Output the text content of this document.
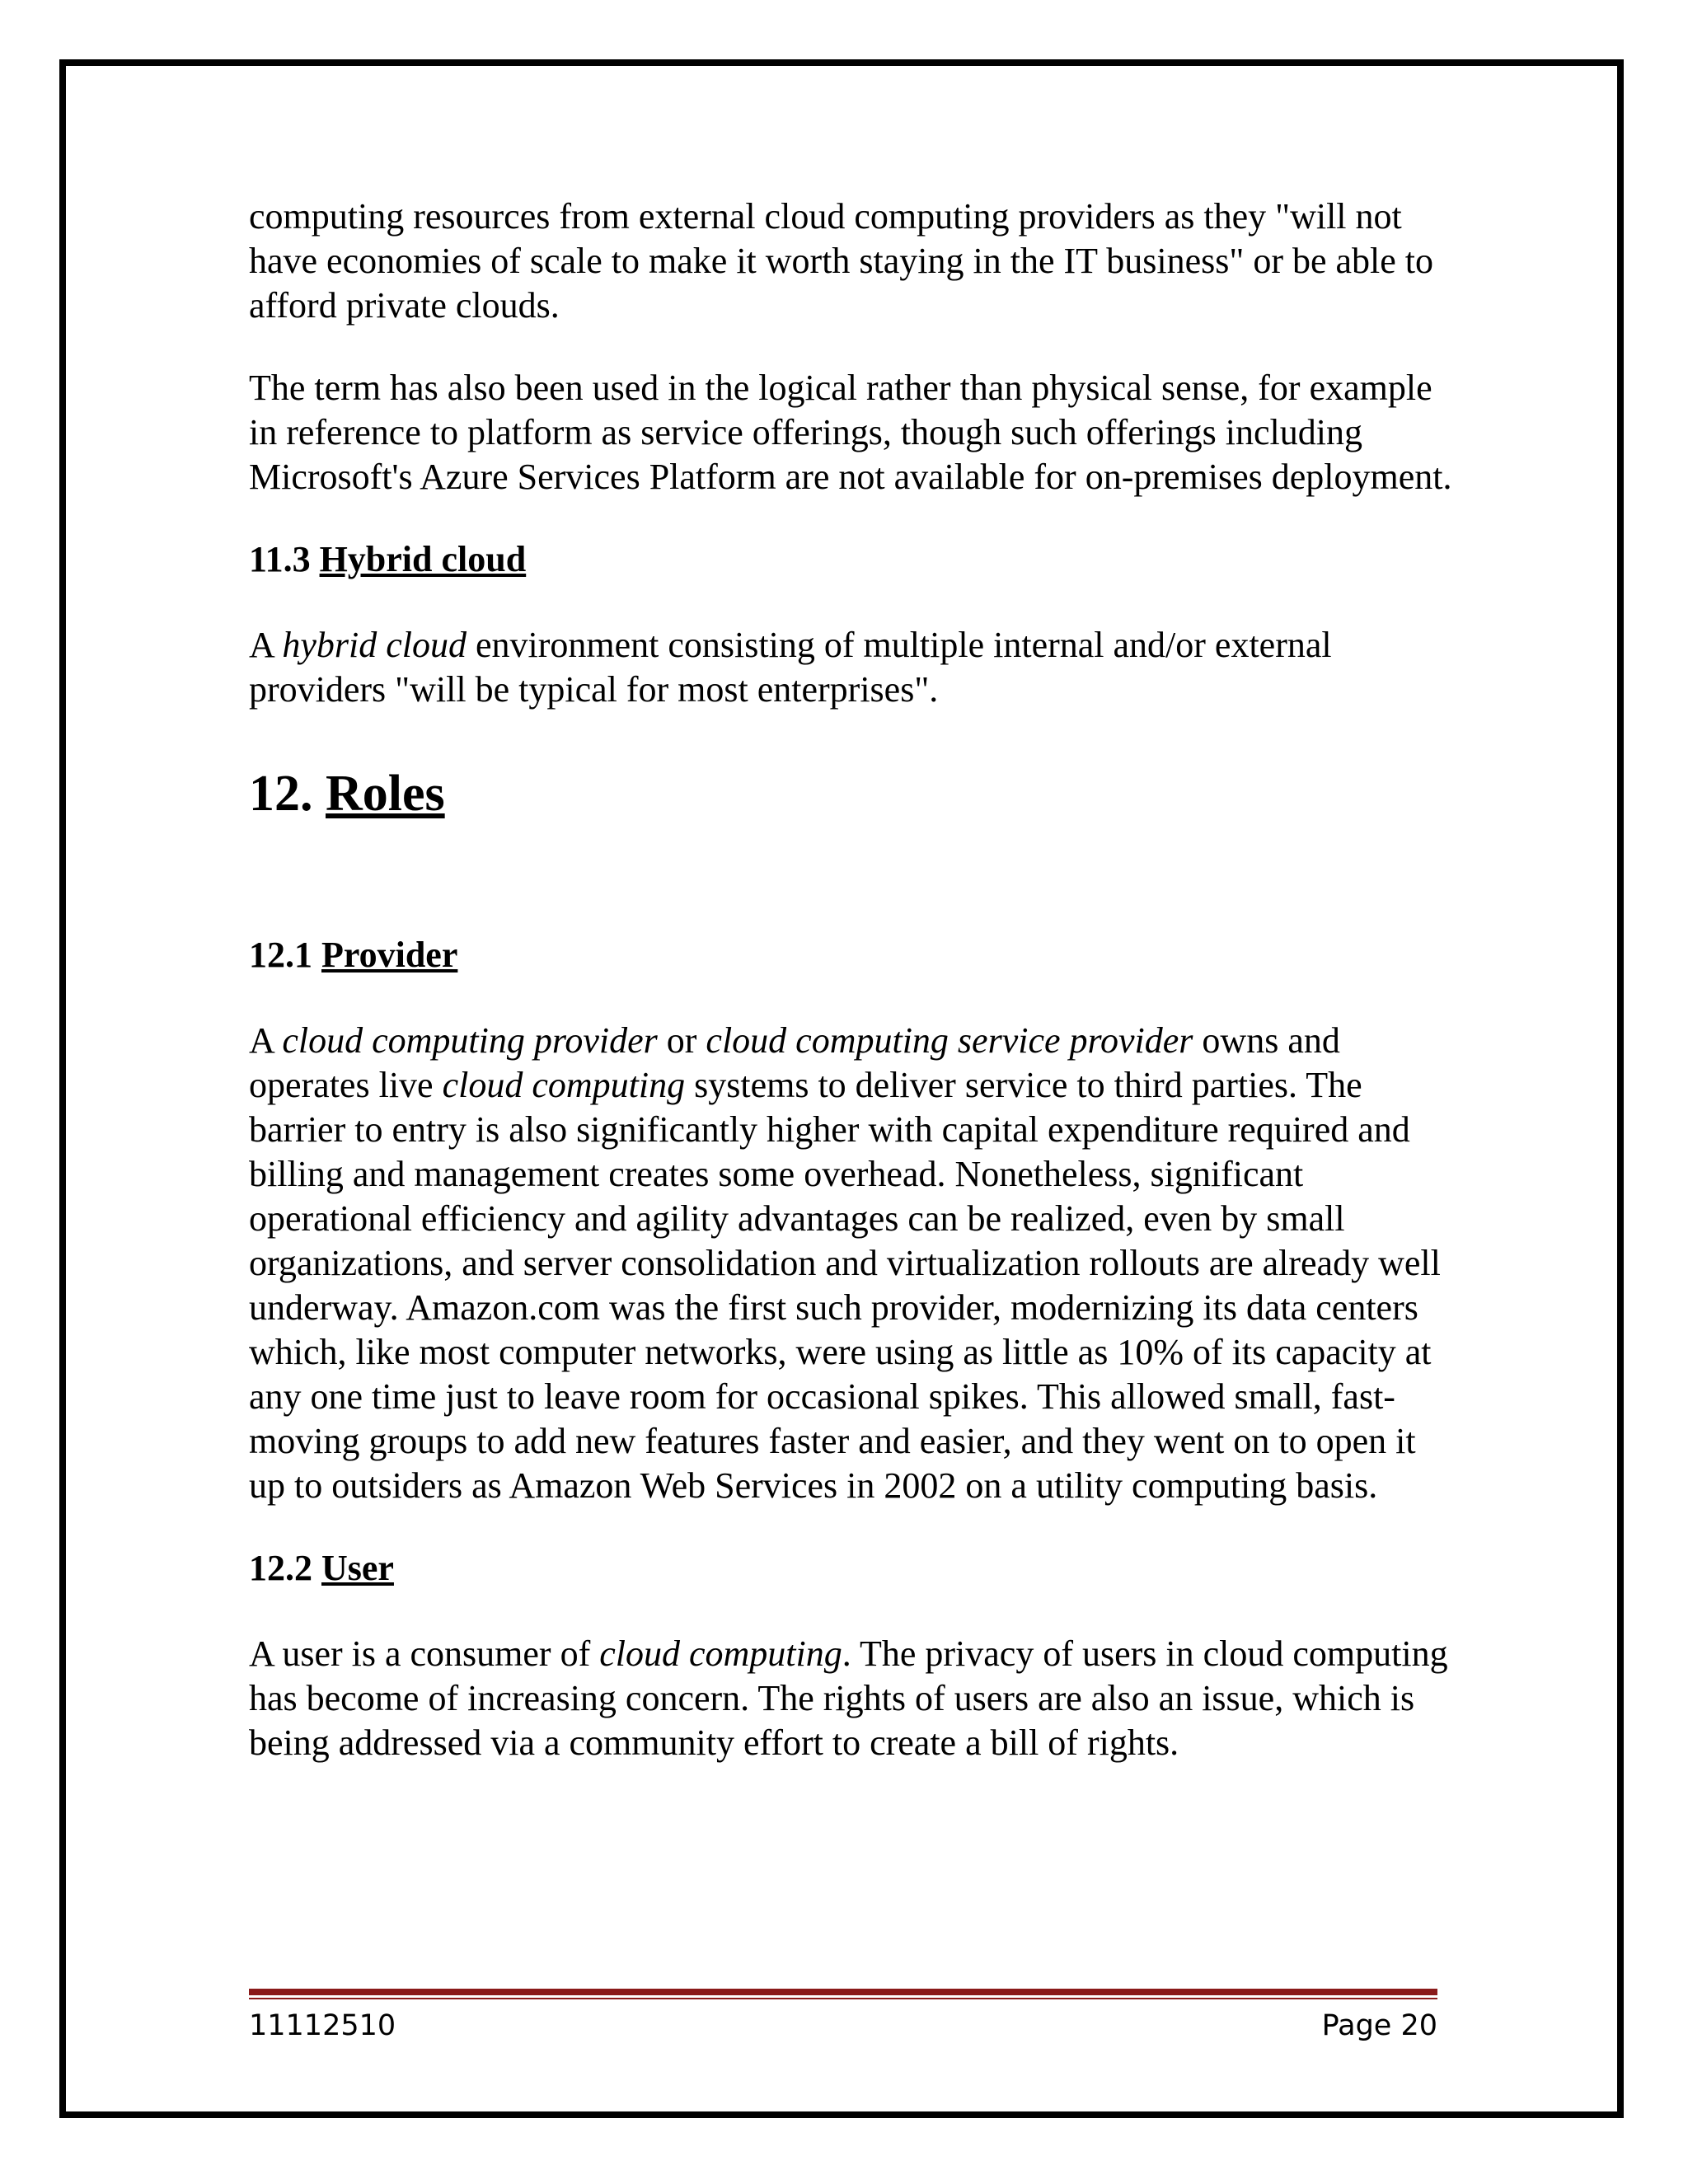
computing resources from external cloud computing providers as they "will not have economies of scale to make it worth staying in the IT business" or be able to afford private clouds.

The term has also been used in the logical rather than physical sense, for example in reference to platform as service offerings, though such offerings including Microsoft's Azure Services Platform are not available for on-premises deployment.

11.3 Hybrid cloud

A hybrid cloud environment consisting of multiple internal and/or external providers "will be typical for most enterprises".

12. Roles
12.1 Provider

A cloud computing provider or cloud computing service provider owns and operates live cloud computing systems to deliver service to third parties. The barrier to entry is also significantly higher with capital expenditure required and billing and management creates some overhead. Nonetheless, significant operational efficiency and agility advantages can be realized, even by small organizations, and server consolidation and virtualization rollouts are already well underway. Amazon.com was the first such provider, modernizing its data centers which, like most computer networks, were using as little as 10% of its capacity at any one time just to leave room for occasional spikes. This allowed small, fast-moving groups to add new features faster and easier, and they went on to open it up to outsiders as Amazon Web Services in 2002 on a utility computing basis.

12.2 User

A user is a consumer of cloud computing. The privacy of users in cloud computing has become of increasing concern. The rights of users are also an issue, which is being addressed via a community effort to create a bill of rights.

11112510	Page 20
